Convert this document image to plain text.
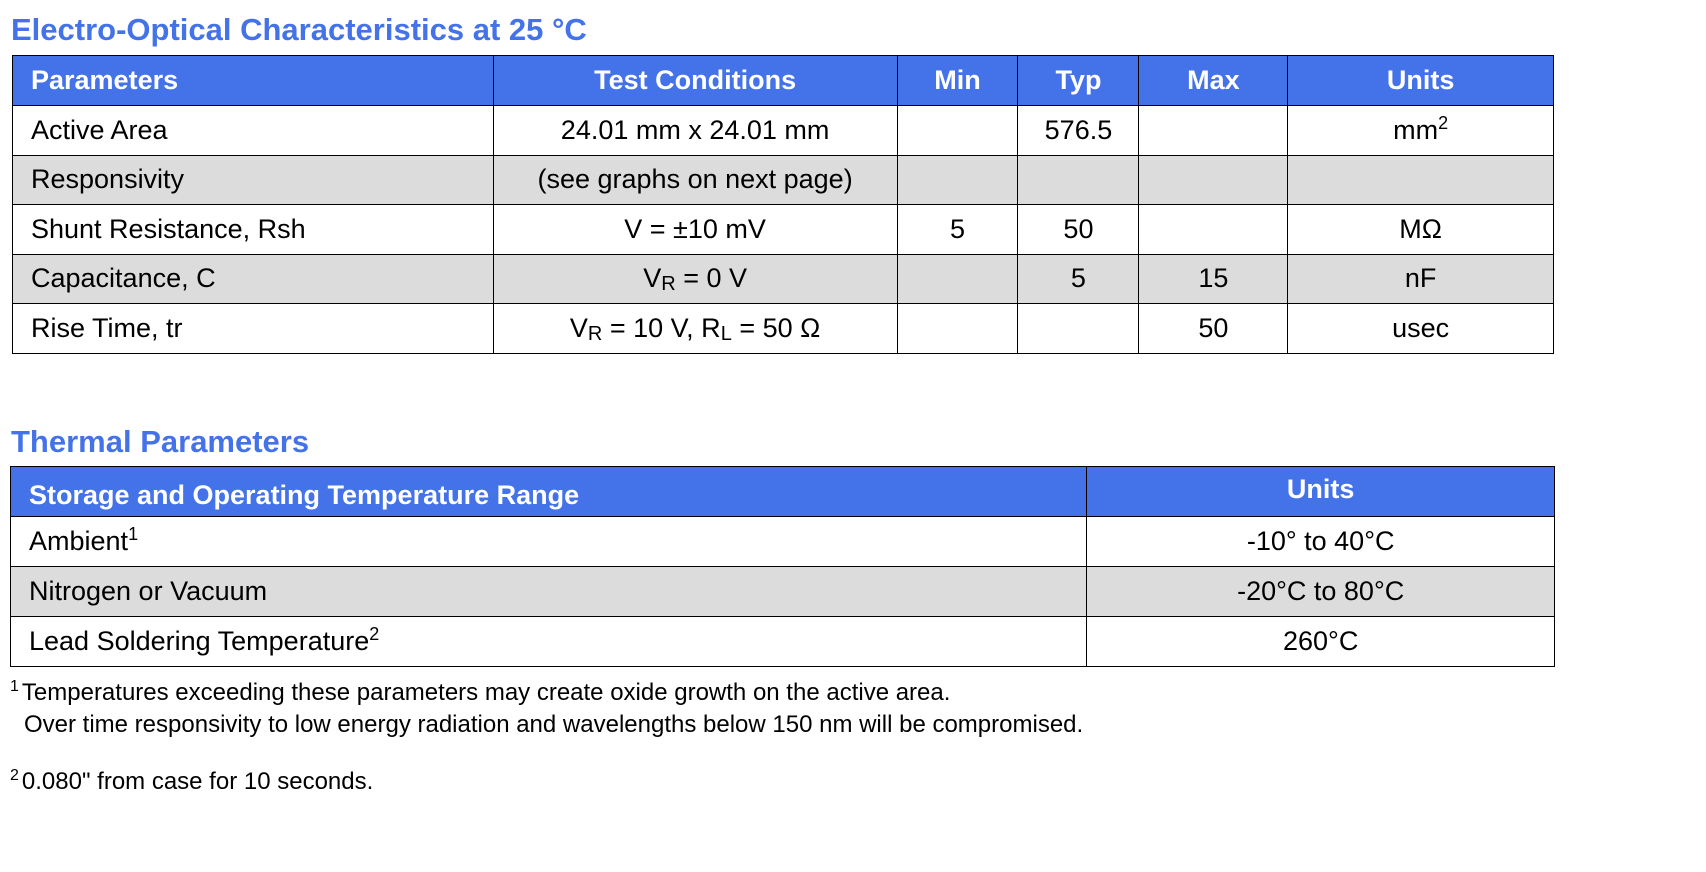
Electro-Optical Characteristics at 25 °C
Parameters	Test Conditions	Min	Typ	Max	Units
Active Area	24.01 mm x 24.01 mm		576.5		$mm^2$
Responsivity	(see graphs on next page)				
Shunt Resistance, Rsh	V = ±10 mV	5	50		MΩ
Capacitance, C	$V_R = 0$ V		5	15	nF
Rise Time, tr	$V_R = 10$ V, $R_L = 50$ Ω			50	usec
Thermal Parameters
Storage and Operating Temperature Range	Units
Ambient$^1$	-10° to 40°C
Nitrogen or Vacuum	-20°C to 80°C
Lead Soldering Temperature$^2$	260°C

$^1$ Temperatures exceeding these parameters may create oxide growth on the active area.

Over time responsivity to low energy radiation and wavelengths below 150 nm will be compromised.

$^2$ 0.080" from case for 10 seconds.
